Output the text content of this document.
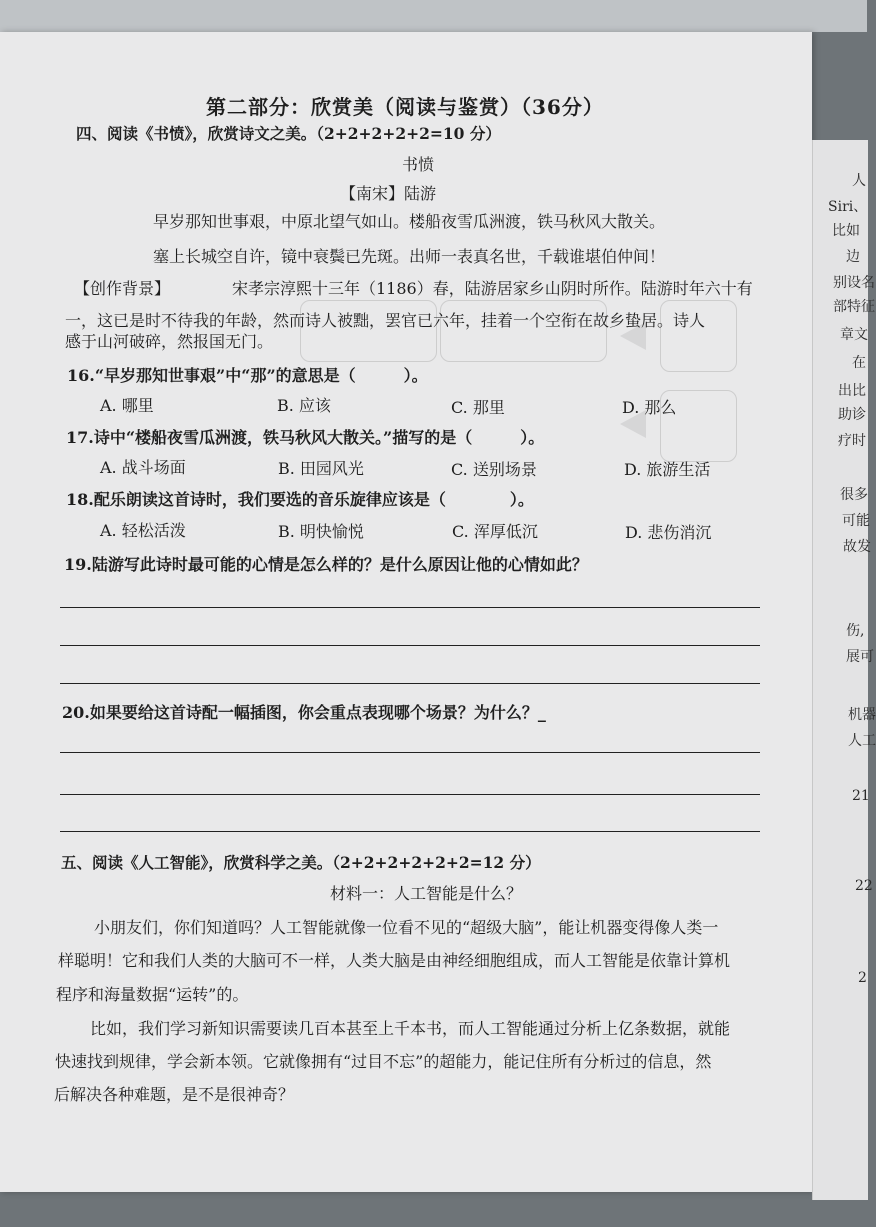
第二部分：欣赏美（阅读与鉴赏）（36分）
四、阅读《书愤》，欣赏诗文之美。（2+2+2+2+2=10 分）
书愤
【南宋】陆游
早岁那知世事艰，中原北望气如山。楼船夜雪瓜洲渡，铁马秋风大散关。
塞上长城空自许，镜中衰鬓已先斑。出师一表真名世，千载谁堪伯仲间！
【创作背景】	宋孝宗淳熙十三年（1186）春，陆游居家乡山阴时所作。陆游时年六十有
一，这已是时不待我的年龄，然而诗人被黜，罢官已六年，挂着一个空衔在故乡蛰居。诗人
感于山河破碎，然报国无门。
16.“早岁那知世事艰”中“那”的意思是（　　　）。
A. 哪里	B. 应该	C. 那里	D. 那么
17.诗中“楼船夜雪瓜洲渡，铁马秋风大散关。”描写的是（　　　）。
A. 战斗场面	B. 田园风光	C. 送别场景	D. 旅游生活
18.配乐朗读这首诗时，我们要选的音乐旋律应该是（　　　　）。
A. 轻松活泼	B. 明快愉悦	C. 浑厚低沉	D. 悲伤消沉
19.陆游写此诗时最可能的心情是怎么样的？是什么原因让他的心情如此？
20.如果要给这首诗配一幅插图，你会重点表现哪个场景？为什么？_
五、阅读《人工智能》，欣赏科学之美。（2+2+2+2+2+2=12 分）
材料一：人工智能是什么？
小朋友们，你们知道吗？人工智能就像一位看不见的“超级大脑”，能让机器变得像人类一
样聪明！它和我们人类的大脑可不一样，人类大脑是由神经细胞组成，而人工智能是依靠计算机
程序和海量数据“运转”的。
比如，我们学习新知识需要读几百本甚至上千本书，而人工智能通过分析上亿条数据，就能
快速找到规律，学会新本领。它就像拥有“过目不忘”的超能力，能记住所有分析过的信息，然
后解决各种难题，是不是很神奇？
人
Siri、
比如
边
别设名
部特征
章文
在
出比
助诊
疗时
很多
可能
故发
伤,
展可
机器
人工
21
22
2
